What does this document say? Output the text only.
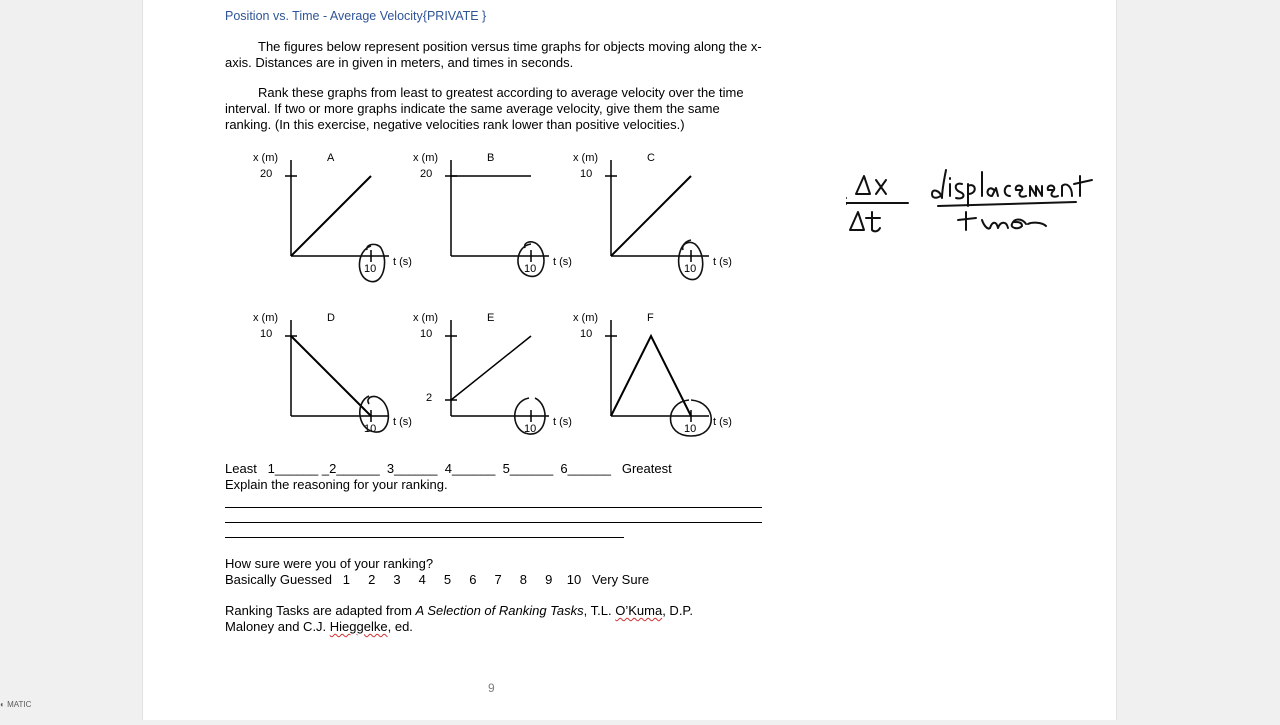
Position vs. Time - Average Velocity{PRIVATE }
The figures below represent position versus time graphs for objects moving along the x-axis. Distances are in given in meters, and times in seconds.
Rank these graphs from least to greatest according to average velocity over the time interval. If two or more graphs indicate the same average velocity, give them the same ranking. (In this exercise, negative velocities rank lower than positive velocities.)
x (m)	A
20
10
t (s)
x (m)	B
20
10
t (s)
x (m)	C
10
10
t (s)
x (m)	D
10
10
t (s)
x (m)	E
10
2
10
t (s)
x (m)	F
10
10
t (s)
Least   1______ _2______  3______  4______  5______  6______   Greatest
Explain the reasoning for your ranking.
How sure were you of your ranking?
Basically Guessed   1     2     3     4     5     6     7     8     9    10   Very Sure
Ranking Tasks are adapted from A Selection of Ranking Tasks, T.L. O’Kuma, D.P.
Maloney and C.J. Hieggelke, ed.
9
◐ MATIC
